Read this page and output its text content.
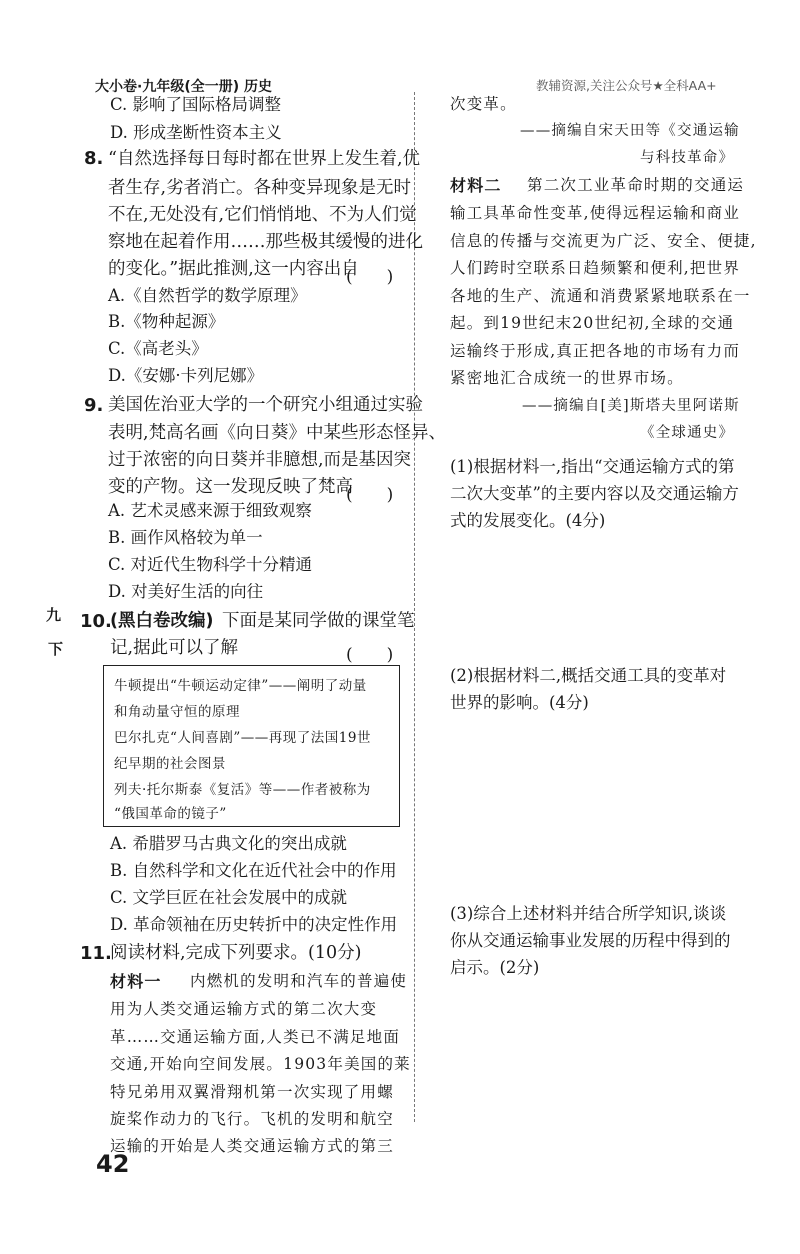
大小卷·九年级(全一册) 历史	教辅资源,关注公众号★全科AA+
九
下
C. 影响了国际格局调整
D. 形成垄断性资本主义
8. “自然选择每日每时都在世界上发生着,优
者生存,劣者消亡。各种变异现象是无时
不在,无处没有,它们悄悄地、不为人们觉
察地在起着作用……那些极其缓慢的进化
的变化。”据此推测,这一内容出自
(　　)
A.《自然哲学的数学原理》
B.《物种起源》
C.《高老头》
D.《安娜·卡列尼娜》
9. 美国佐治亚大学的一个研究小组通过实验
表明,梵高名画《向日葵》中某些形态怪异、
过于浓密的向日葵并非臆想,而是基因突
变的产物。这一发现反映了梵高
(　　)
A. 艺术灵感来源于细致观察
B. 画作风格较为单一
C. 对近代生物科学十分精通
D. 对美好生活的向往
10.
(黑白卷改编) 下面是某同学做的课堂笔
记,据此可以了解	(　　)
牛顿提出“牛顿运动定律”——阐明了动量
和角动量守恒的原理
巴尔扎克“人间喜剧”——再现了法国19世
纪早期的社会图景
列夫·托尔斯泰《复活》等——作者被称为
“俄国革命的镜子”
A. 希腊罗马古典文化的突出成就
B. 自然科学和文化在近代社会中的作用
C. 文学巨匠在社会发展中的成就
D. 革命领袖在历史转折中的决定性作用
11.
阅读材料,完成下列要求。(10分)
材料一 内燃机的发明和汽车的普遍使
用为人类交通运输方式的第二次大变
革……交通运输方面,人类已不满足地面
交通,开始向空间发展。1903年美国的莱
特兄弟用双翼滑翔机第一次实现了用螺
旋桨作动力的飞行。飞机的发明和航空
运输的开始是人类交通运输方式的第三
42
次变革。
——摘编自宋天田等《交通运输
与科技革命》
材料二 第二次工业革命时期的交通运
输工具革命性变革,使得远程运输和商业
信息的传播与交流更为广泛、安全、便捷,
人们跨时空联系日趋频繁和便利,把世界
各地的生产、流通和消费紧紧地联系在一
起。到19世纪末20世纪初,全球的交通
运输终于形成,真正把各地的市场有力而
紧密地汇合成统一的世界市场。
——摘编自[美]斯塔夫里阿诺斯
《全球通史》
(1)根据材料一,指出“交通运输方式的第
二次大变革”的主要内容以及交通运输方
式的发展变化。(4分)
(2)根据材料二,概括交通工具的变革对
世界的影响。(4分)
(3)综合上述材料并结合所学知识,谈谈
你从交通运输事业发展的历程中得到的
启示。(2分)
